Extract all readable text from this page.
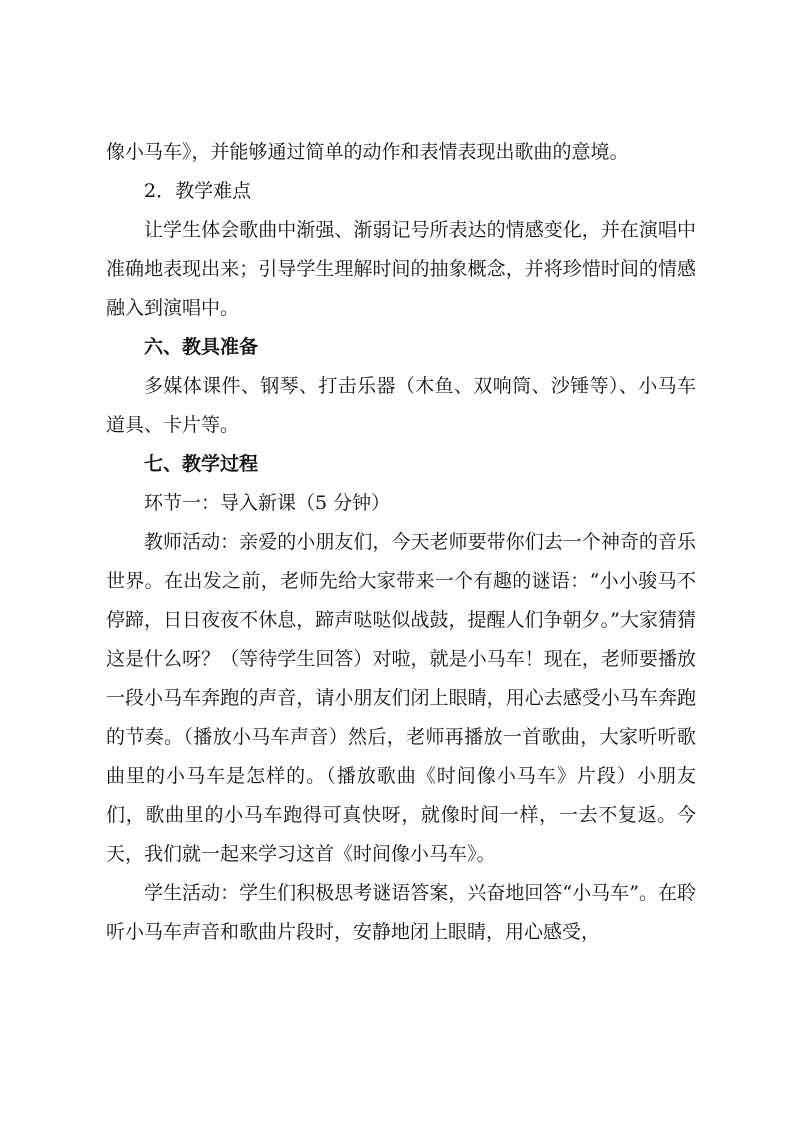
像小马车》，并能够通过简单的动作和表情表现出歌曲的意境。

2．教学难点

让学生体会歌曲中渐强、渐弱记号所表达的情感变化，并在演唱中准确地表现出来；引导学生理解时间的抽象概念，并将珍惜时间的情感融入到演唱中。

六、教具准备

多媒体课件、钢琴、打击乐器（木鱼、双响筒、沙锤等）、小马车道具、卡片等。

七、教学过程

环节一：导入新课（5 分钟）

教师活动：亲爱的小朋友们，今天老师要带你们去一个神奇的音乐世界。在出发之前，老师先给大家带来一个有趣的谜语：“小小骏马不停蹄，日日夜夜不休息，蹄声哒哒似战鼓，提醒人们争朝夕。”大家猜猜这是什么呀？（等待学生回答）对啦，就是小马车！现在，老师要播放一段小马车奔跑的声音，请小朋友们闭上眼睛，用心去感受小马车奔跑的节奏。（播放小马车声音）然后，老师再播放一首歌曲，大家听听歌曲里的小马车是怎样的。（播放歌曲《时间像小马车》片段）小朋友们，歌曲里的小马车跑得可真快呀，就像时间一样，一去不复返。今天，我们就一起来学习这首《时间像小马车》。

学生活动：学生们积极思考谜语答案，兴奋地回答“小马车”。在聆听小马车声音和歌曲片段时，安静地闭上眼睛，用心感受，
